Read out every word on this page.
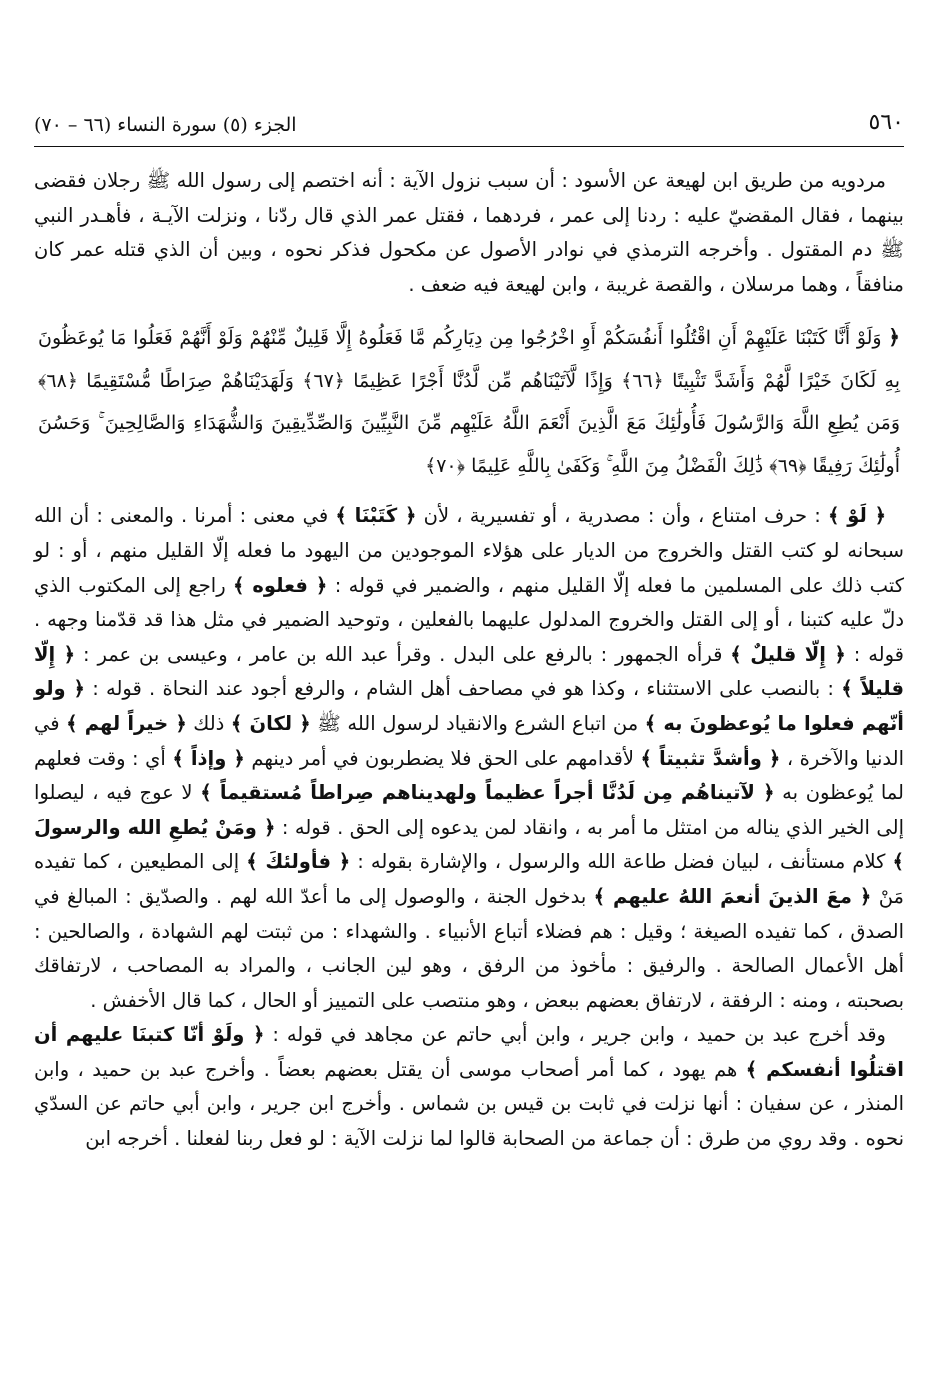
٥٦٠
الجزء (٥) سورة النساء (٦٦ – ٧٠)

مردويه من طريق ابن لهيعة عن الأسود : أن سبب نزول الآية : أنه اختصم إلى رسول الله ﷺ رجلان فقضى بينهما ، فقال المقضيّ عليه : ردنا إلى عمر ، فردهما ، فقتل عمر الذي قال ردّنا ، ونزلت الآيـة ، فأهـدر النبي ﷺ دم المقتول . وأخرجه الترمذي في نوادر الأصول عن مكحول فذكر نحوه ، وبين أن الذي قتله عمر كان منافقاً ، وهما مرسلان ، والقصة غريبة ، وابن لهيعة فيه ضعف .

﴿ وَلَوْ أَنَّا كَتَبْنَا عَلَيْهِمْ أَنِ اقْتُلُوا أَنفُسَكُمْ أَوِ اخْرُجُوا مِن دِيَارِكُم مَّا فَعَلُوهُ إِلَّا قَلِيلٌ مِّنْهُمْ وَلَوْ أَنَّهُمْ فَعَلُوا مَا يُوعَظُونَ بِهِ لَكَانَ خَيْرًا لَّهُمْ وَأَشَدَّ تَثْبِيتًا ﴿٦٦﴾ وَإِذًا لَّآتَيْنَاهُم مِّن لَّدُنَّا أَجْرًا عَظِيمًا ﴿٦٧﴾ وَلَهَدَيْنَاهُمْ صِرَاطًا مُّسْتَقِيمًا ﴿٦٨﴾ وَمَن يُطِعِ اللَّهَ وَالرَّسُولَ فَأُولَٰئِكَ مَعَ الَّذِينَ أَنْعَمَ اللَّهُ عَلَيْهِم مِّنَ النَّبِيِّينَ وَالصِّدِّيقِينَ وَالشُّهَدَاءِ وَالصَّالِحِينَ ۚ وَحَسُنَ أُولَٰئِكَ رَفِيقًا ﴿٦٩﴾ ذَٰلِكَ الْفَضْلُ مِنَ اللَّهِ ۚ وَكَفَىٰ بِاللَّهِ عَلِيمًا ﴿٧٠﴾

﴿ لَوْ ﴾ : حرف امتناع ، وأن : مصدرية ، أو تفسيرية ، لأن ﴿ كَتَبْنَا ﴾ في معنى : أمرنا . والمعنى : أن الله سبحانه لو كتب القتل والخروج من الديار على هؤلاء الموجودين من اليهود ما فعله إلّا القليل منهم ، أو : لو كتب ذلك على المسلمين ما فعله إلّا القليل منهم ، والضمير في قوله : ﴿ فعلوه ﴾ راجع إلى المكتوب الذي دلّ عليه كتبنا ، أو إلى القتل والخروج المدلول عليهما بالفعلين ، وتوحيد الضمير في مثل هذا قد قدّمنا وجهه . قوله : ﴿ إِلّا قليلٌ ﴾ قرأه الجمهور : بالرفع على البدل . وقرأ عبد الله بن عامر ، وعيسى بن عمر : ﴿ إِلّا قليلاً ﴾ : بالنصب على الاستثناء ، وكذا هو في مصاحف أهل الشام ، والرفع أجود عند النحاة . قوله : ﴿ ولو أنّهم فعلوا ما يُوعظونَ به ﴾ من اتباع الشرع والانقياد لرسول الله ﷺ ﴿ لكانَ ﴾ ذلك ﴿ خيراً لهم ﴾ في الدنيا والآخرة ، ﴿ وأشدَّ تثبيتاً ﴾ لأقدامهم على الحق فلا يضطربون في أمر دينهم ﴿ وإذاً ﴾ أي : وقت فعلهم لما يُوعظون به ﴿ لآتيناهُم مِن لَدُنَّا أجراً عظيماً ولهديناهم صِراطاً مُستقيماً ﴾ لا عوج فيه ، ليصلوا إلى الخير الذي يناله من امتثل ما أمر به ، وانقاد لمن يدعوه إلى الحق . قوله : ﴿ ومَنْ يُطعِ الله والرسولَ ﴾ كلام مستأنف ، لبيان فضل طاعة الله والرسول ، والإشارة بقوله : ﴿ فأولئكَ ﴾ إلى المطيعين ، كما تفيده مَنْ ﴿ معَ الذينَ أنعمَ اللهُ عليهم ﴾ بدخول الجنة ، والوصول إلى ما أعدّ الله لهم . والصدّيق : المبالغ في الصدق ، كما تفيده الصيغة ؛ وقيل : هم فضلاء أتباع الأنبياء . والشهداء : من ثبتت لهم الشهادة ، والصالحين : أهل الأعمال الصالحة . والرفيق : مأخوذ من الرفق ، وهو لين الجانب ، والمراد به المصاحب ، لارتفاقك بصحبته ، ومنه : الرفقة ، لارتفاق بعضهم ببعض ، وهو منتصب على التمييز أو الحال ، كما قال الأخفش .

وقد أخرج عبد بن حميد ، وابن جرير ، وابن أبي حاتم عن مجاهد في قوله : ﴿ ولَوْ أنّا كتبنَا عليهم أن اقتلُوا أنفسكم ﴾ هم يهود ، كما أمر أصحاب موسى أن يقتل بعضهم بعضاً . وأخرج عبد بن حميد ، وابن المنذر ، عن سفيان : أنها نزلت في ثابت بن قيس بن شماس . وأخرج ابن جرير ، وابن أبي حاتم عن السدّي نحوه . وقد روي من طرق : أن جماعة من الصحابة قالوا لما نزلت الآية : لو فعل ربنا لفعلنا . أخرجه ابن
